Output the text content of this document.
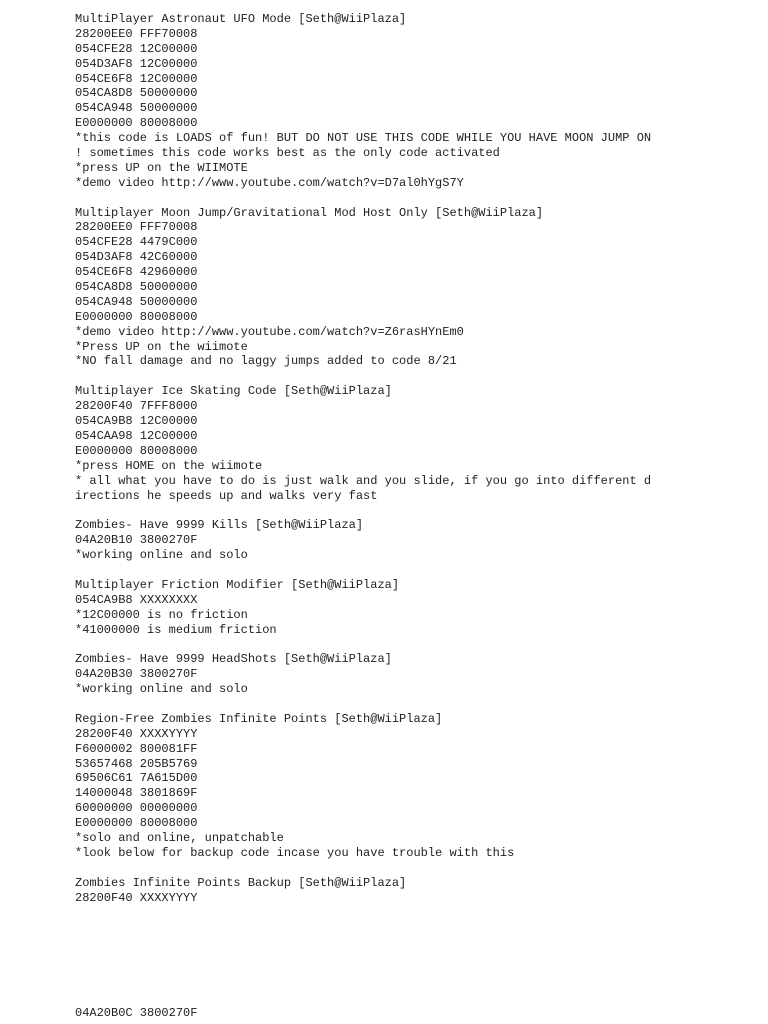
MultiPlayer Astronaut UFO Mode [Seth@WiiPlaza]
28200EE0 FFF70008
054CFE28 12C00000
054D3AF8 12C00000
054CE6F8 12C00000
054CA8D8 50000000
054CA948 50000000
E0000000 80008000
*this code is LOADS of fun! BUT DO NOT USE THIS CODE WHILE YOU HAVE MOON JUMP ON
! sometimes this code works best as the only code activated
*press UP on the WIIMOTE
*demo video http://www.youtube.com/watch?v=D7al0hYgS7Y
Multiplayer Moon Jump/Gravitational Mod Host Only [Seth@WiiPlaza]
28200EE0 FFF70008
054CFE28 4479C000
054D3AF8 42C60000
054CE6F8 42960000
054CA8D8 50000000
054CA948 50000000
E0000000 80008000
*demo video http://www.youtube.com/watch?v=Z6rasHYnEm0
*Press UP on the wiimote
*NO fall damage and no laggy jumps added to code 8/21
Multiplayer Ice Skating Code [Seth@WiiPlaza]
28200F40 7FFF8000
054CA9B8 12C00000
054CAA98 12C00000
E0000000 80008000
*press HOME on the wiimote
* all what you have to do is just walk and you slide, if you go into different d
irections he speeds up and walks very fast
Zombies- Have 9999 Kills [Seth@WiiPlaza]
04A20B10 3800270F
*working online and solo
Multiplayer Friction Modifier [Seth@WiiPlaza]
054CA9B8 XXXXXXXX
*12C00000 is no friction
*41000000 is medium friction
Zombies- Have 9999 HeadShots [Seth@WiiPlaza]
04A20B30 3800270F
*working online and solo
Region-Free Zombies Infinite Points [Seth@WiiPlaza]
28200F40 XXXXYYYY
F6000002 800081FF
53657468 205B5769
69506C61 7A615D00
14000048 3801869F
60000000 00000000
E0000000 80008000
*solo and online, unpatchable
*look below for backup code incase you have trouble with this
Zombies Infinite Points Backup [Seth@WiiPlaza]
28200F40 XXXXYYYY
04A20B0C 3800270F
